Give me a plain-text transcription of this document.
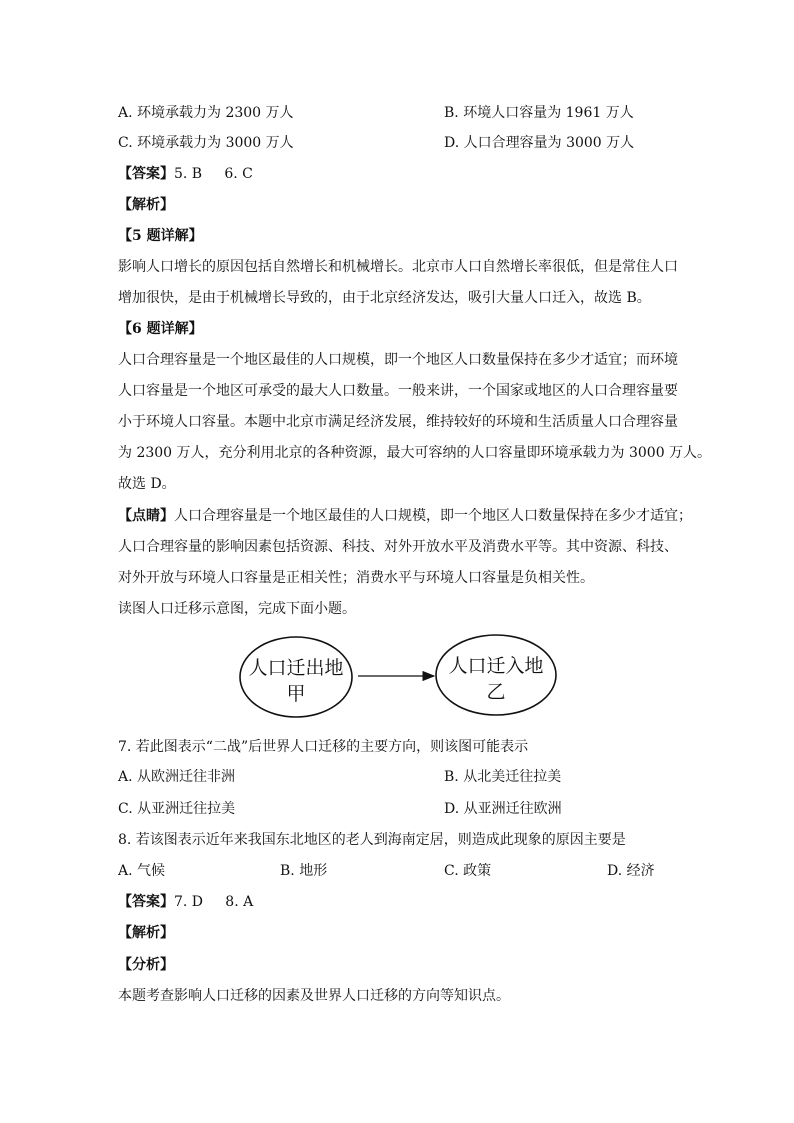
A. 环境承载力为 2300 万人	B. 环境人口容量为 1961 万人
C. 环境承载力为 3000 万人	D. 人口合理容量为 3000 万人
【答案】5. B     6. C
【解析】
【5 题详解】
影响人口增长的原因包括自然增长和机械增长。北京市人口自然增长率很低，但是常住人口
增加很快，是由于机械增长导致的，由于北京经济发达，吸引大量人口迁入，故选 B。
【6 题详解】
人口合理容量是一个地区最佳的人口规模，即一个地区人口数量保持在多少才适宜；而环境
人口容量是一个地区可承受的最大人口数量。一般来讲，一个国家或地区的人口合理容量要
小于环境人口容量。本题中北京市满足经济发展，维持较好的环境和生活质量人口合理容量
为 2300 万人，充分利用北京的各种资源，最大可容纳的人口容量即环境承载力为 3000 万人。
故选 D。
【点睛】人口合理容量是一个地区最佳的人口规模，即一个地区人口数量保持在多少才适宜；
人口合理容量的影响因素包括资源、科技、对外开放水平及消费水平等。其中资源、科技、
对外开放与环境人口容量是正相关性；消费水平与环境人口容量是负相关性。
读图人口迁移示意图，完成下面小题。
人口迁出地
甲
人口迁入地
乙
7. 若此图表示“二战”后世界人口迁移的主要方向，则该图可能表示
A. 从欧洲迁往非洲	B. 从北美迁往拉美
C. 从亚洲迁往拉美	D. 从亚洲迁往欧洲
8. 若该图表示近年来我国东北地区的老人到海南定居，则造成此现象的原因主要是
A. 气候	B. 地形	C. 政策	D. 经济
【答案】7. D     8. A
【解析】
【分析】
本题考查影响人口迁移的因素及世界人口迁移的方向等知识点。
